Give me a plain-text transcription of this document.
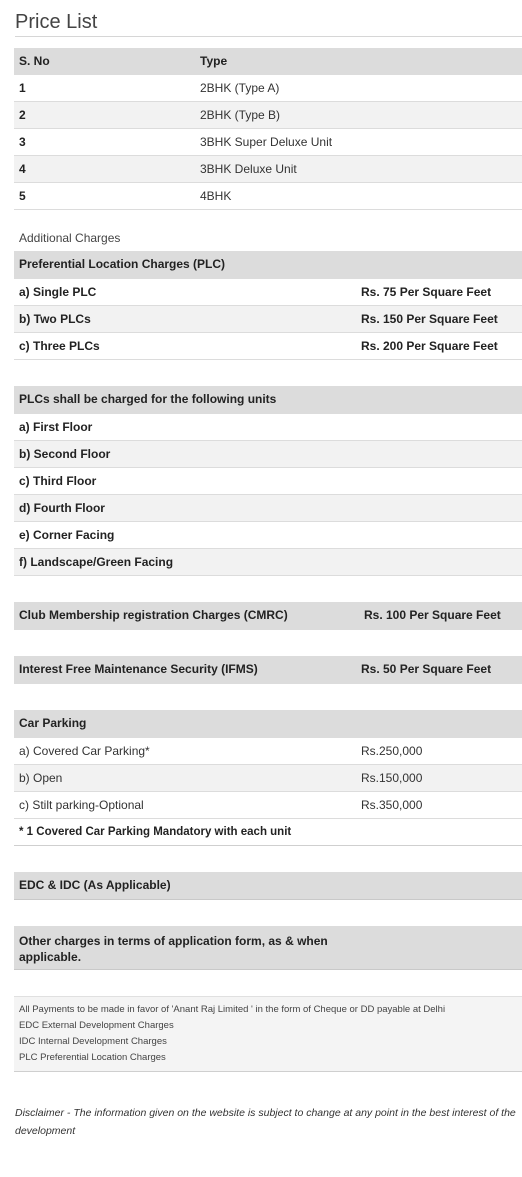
Price List
S. No	Type
1	2BHK (Type A)
2	2BHK (Type B)
3	3BHK Super Deluxe Unit
4	3BHK Deluxe Unit
5	4BHK
Additional Charges
Preferential Location Charges (PLC)
a) Single PLC	Rs. 75 Per Square Feet
b) Two PLCs	Rs. 150 Per Square Feet
c) Three PLCs	Rs. 200 Per Square Feet
PLCs shall be charged for the following units
a) First Floor
b) Second Floor
c) Third Floor
d) Fourth Floor
e) Corner Facing
f) Landscape/Green Facing
Club Membership registration Charges (CMRC)	Rs. 100 Per Square Feet
Interest Free Maintenance Security (IFMS)	Rs. 50 Per Square Feet
Car Parking
a) Covered Car Parking*	Rs.250,000
b) Open	Rs.150,000
c) Stilt parking-Optional	Rs.350,000
* 1 Covered Car Parking Mandatory with each unit
EDC & IDC (As Applicable)
Other charges in terms of application form, as & when applicable.
All Payments to be made in favor of 'Anant Raj Limited ' in the form of Cheque or DD payable at Delhi
EDC External Development Charges
IDC Internal Development Charges
PLC Preferential Location Charges
Disclaimer - The information given on the website is subject to change at any point in the best interest of the development
